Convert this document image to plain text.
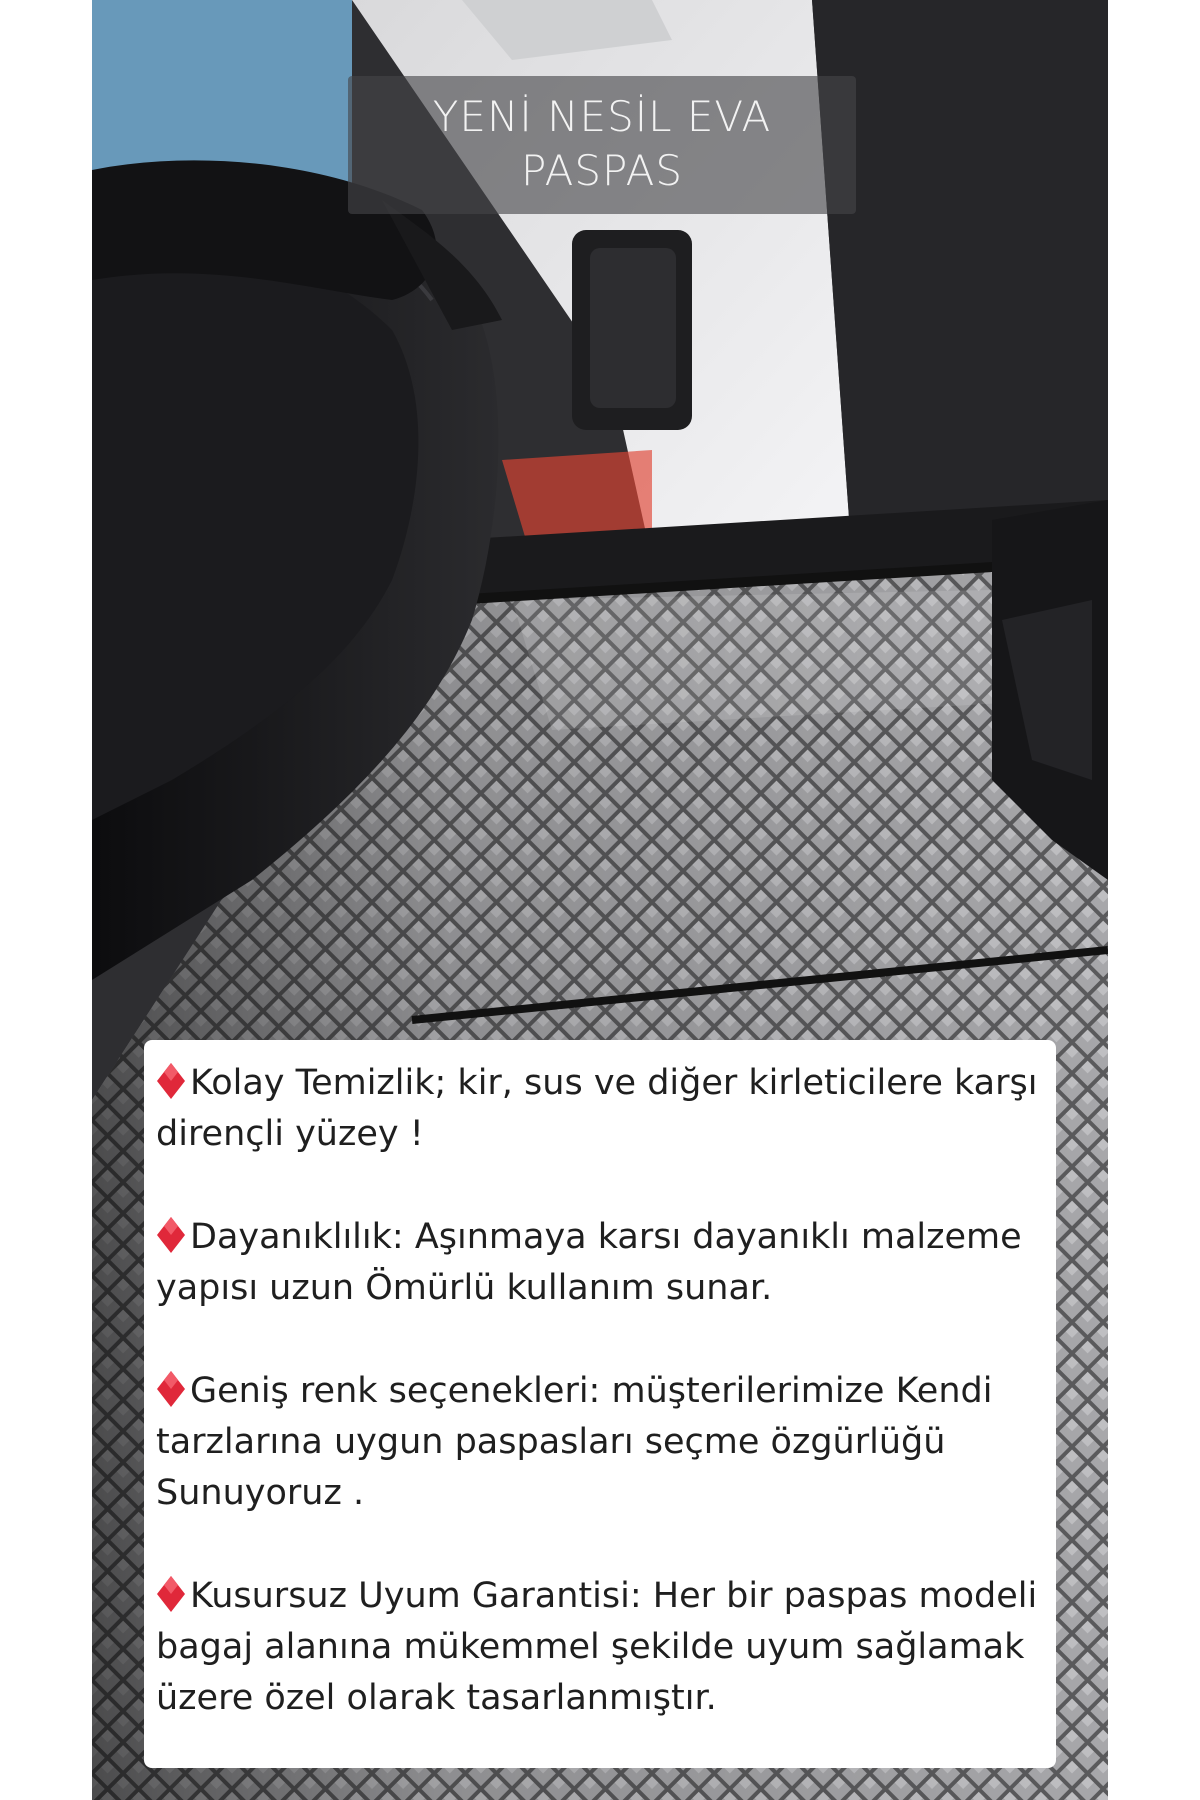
YENİ NESİL EVA
PASPAS
Kolay Temizlik; kir, sus ve diğer kirleticilere karşı dirençli yüzey !
Dayanıklılık: Aşınmaya karsı dayanıklı malzeme yapısı uzun Ömürlü kullanım sunar.
Geniş renk seçenekleri: müşterilerimize Kendi tarzlarına uygun paspasları seçme özgürlüğü Sunuyoruz .
Kusursuz Uyum Garantisi: Her bir paspas modeli bagaj alanına mükemmel şekilde uyum sağlamak üzere özel olarak tasarlanmıştır.
